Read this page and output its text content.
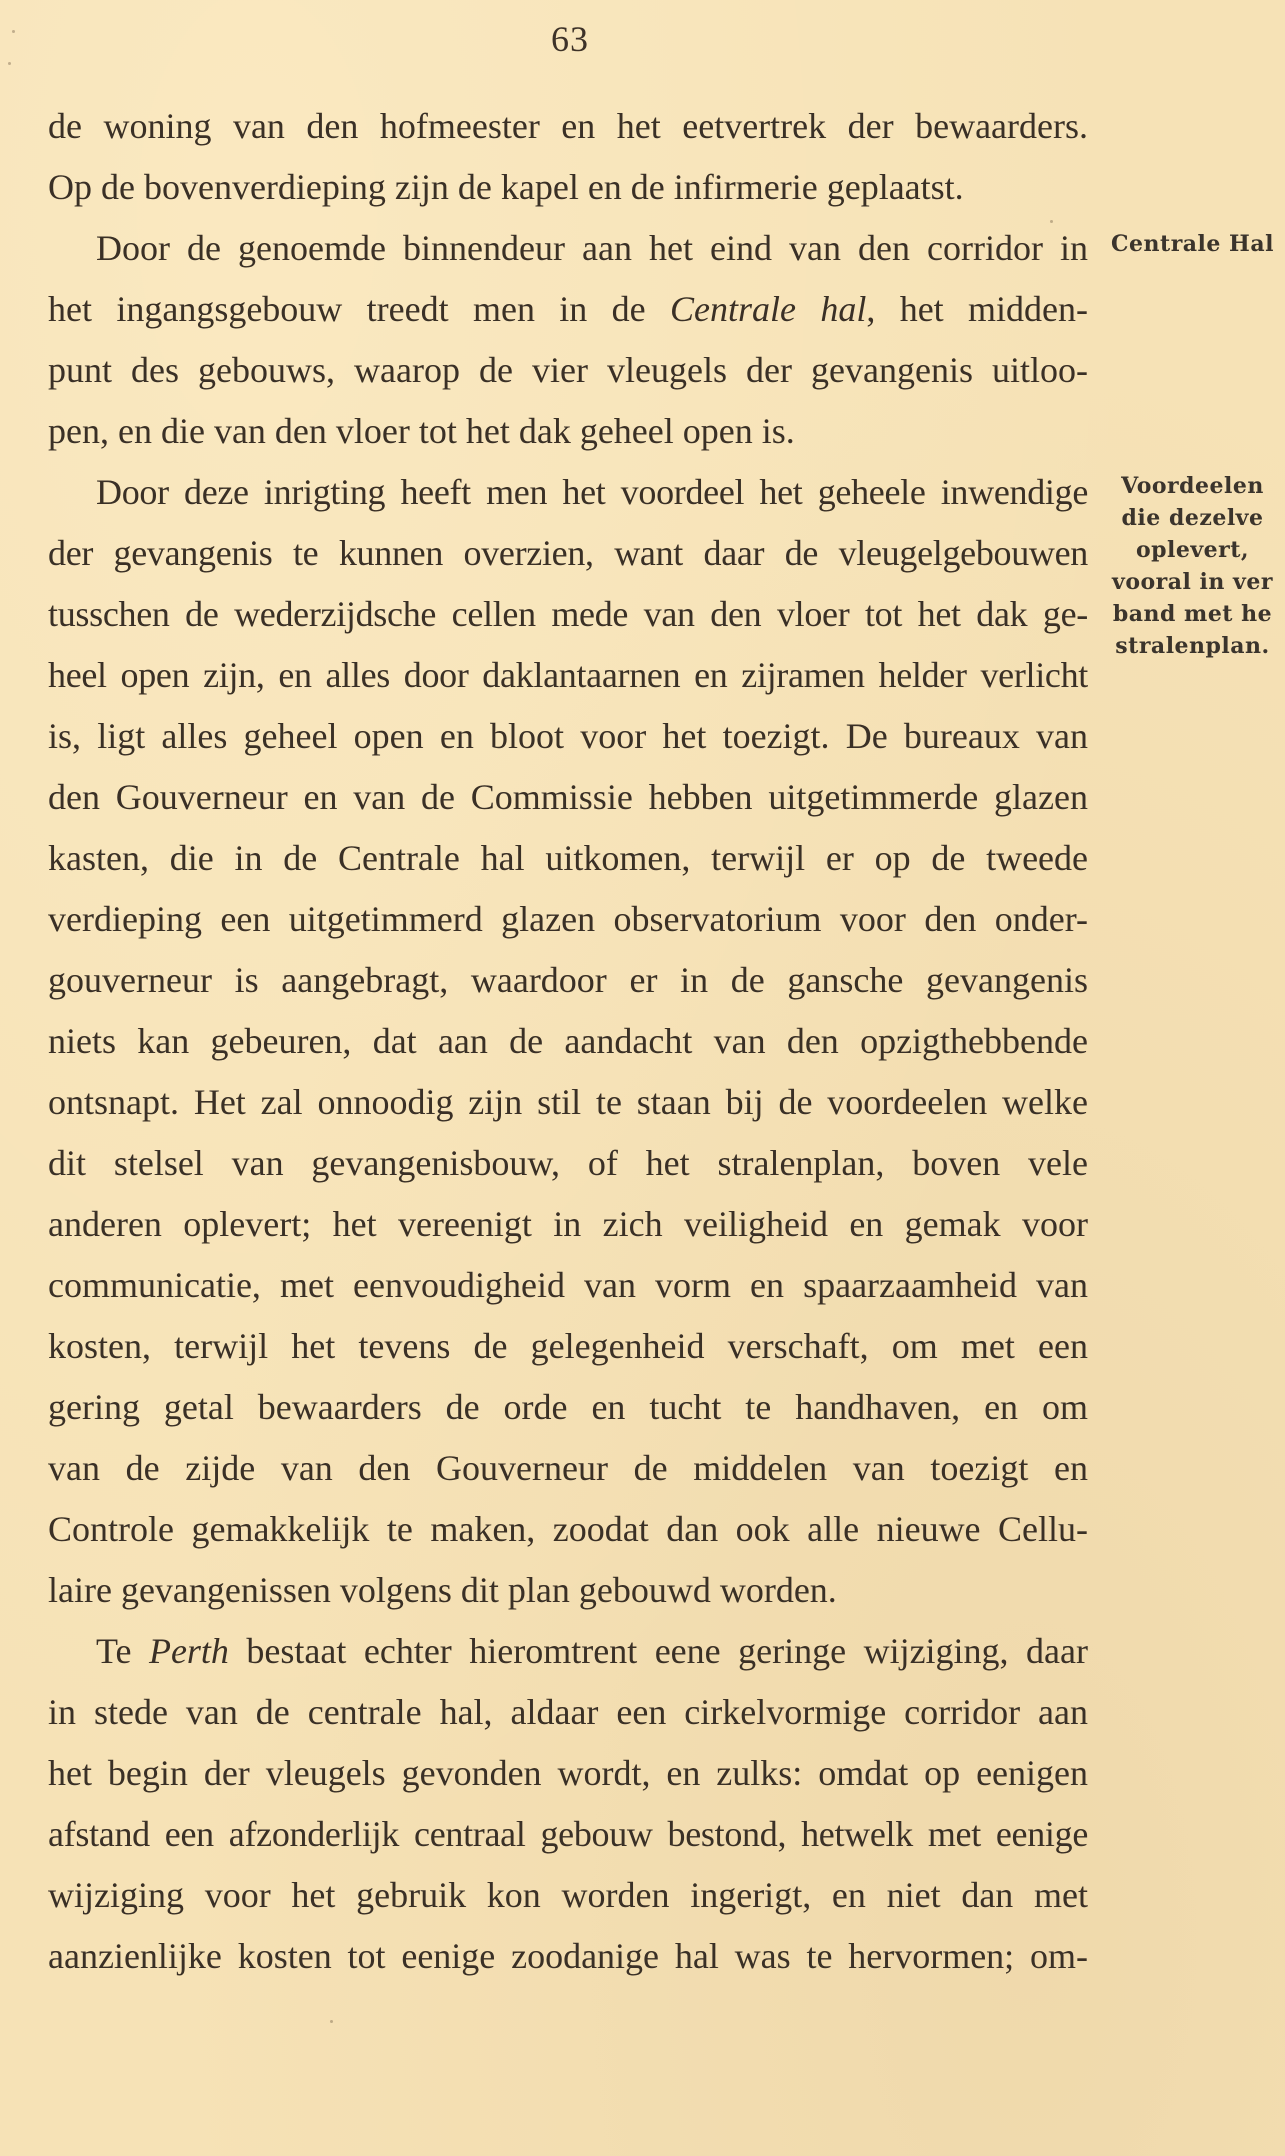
63
de woning van den hofmeester en het eetvertrek der bewaarders.
Op de bovenverdieping zijn de kapel en de infirmerie geplaatst.
Door de genoemde binnendeur aan het eind van den corridor in
het ingangsgebouw treedt men in de Centrale hal, het midden-
punt des gebouws, waarop de vier vleugels der gevangenis uitloo-
pen, en die van den vloer tot het dak geheel open is.
Door deze inrigting heeft men het voordeel het geheele inwendige
der gevangenis te kunnen overzien, want daar de vleugelgebouwen
tusschen de wederzijdsche cellen mede van den vloer tot het dak ge-
heel open zijn, en alles door daklantaarnen en zijramen helder verlicht
is, ligt alles geheel open en bloot voor het toezigt. De bureaux van
den Gouverneur en van de Commissie hebben uitgetimmerde glazen
kasten, die in de Centrale hal uitkomen, terwijl er op de tweede
verdieping een uitgetimmerd glazen observatorium voor den onder-
gouverneur is aangebragt, waardoor er in de gansche gevangenis
niets kan gebeuren, dat aan de aandacht van den opzigthebbende
ontsnapt. Het zal onnoodig zijn stil te staan bij de voordeelen welke
dit stelsel van gevangenisbouw, of het stralenplan, boven vele
anderen oplevert; het vereenigt in zich veiligheid en gemak voor
communicatie, met eenvoudigheid van vorm en spaarzaamheid van
kosten, terwijl het tevens de gelegenheid verschaft, om met een
gering getal bewaarders de orde en tucht te handhaven, en om
van de zijde van den Gouverneur de middelen van toezigt en
Controle gemakkelijk te maken, zoodat dan ook alle nieuwe Cellu-
laire gevangenissen volgens dit plan gebouwd worden.
Te Perth bestaat echter hieromtrent eene geringe wijziging, daar
in stede van de centrale hal, aldaar een cirkelvormige corridor aan
het begin der vleugels gevonden wordt, en zulks: omdat op eenigen
afstand een afzonderlijk centraal gebouw bestond, hetwelk met eenige
wijziging voor het gebruik kon worden ingerigt, en niet dan met
aanzienlijke kosten tot eenige zoodanige hal was te hervormen; om-
Centrale Hal
Voordeelen
die dezelve
oplevert,
vooral in ver
band met he
stralenplan.
